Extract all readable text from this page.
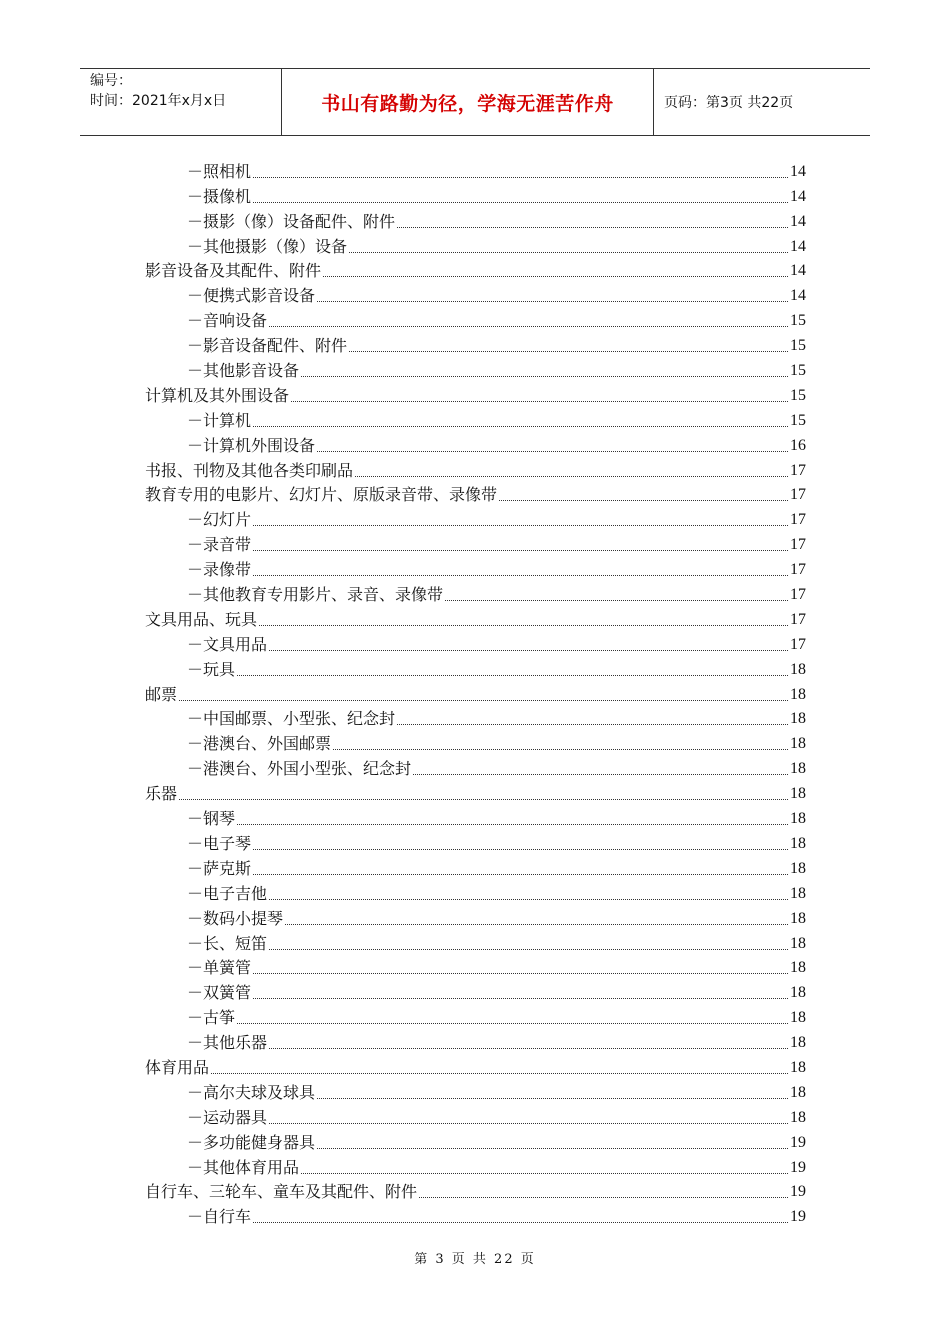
编号：
时间：2021年x月x日	书山有路勤为径，学海无涯苦作舟	页码：第3页 共22页
－照相机	14
－摄像机	14
－摄影（像）设备配件、附件	14
－其他摄影（像）设备	14
影音设备及其配件、附件	14
－便携式影音设备	14
－音响设备	15
－影音设备配件、附件	15
－其他影音设备	15
计算机及其外围设备	15
－计算机	15
－计算机外围设备	16
书报、刊物及其他各类印刷品	17
教育专用的电影片、幻灯片、原版录音带、录像带	17
－幻灯片	17
－录音带	17
－录像带	17
－其他教育专用影片、录音、录像带	17
文具用品、玩具	17
－文具用品	17
－玩具	18
邮票	18
－中国邮票、小型张、纪念封	18
－港澳台、外国邮票	18
－港澳台、外国小型张、纪念封	18
乐器	18
－钢琴	18
－电子琴	18
－萨克斯	18
－电子吉他	18
－数码小提琴	18
－长、短笛	18
－单簧管	18
－双簧管	18
－古筝	18
－其他乐器	18
体育用品	18
－高尔夫球及球具	18
－运动器具	18
－多功能健身器具	19
－其他体育用品	19
自行车、三轮车、童车及其配件、附件	19
－自行车	19
第 3 页 共 22 页
